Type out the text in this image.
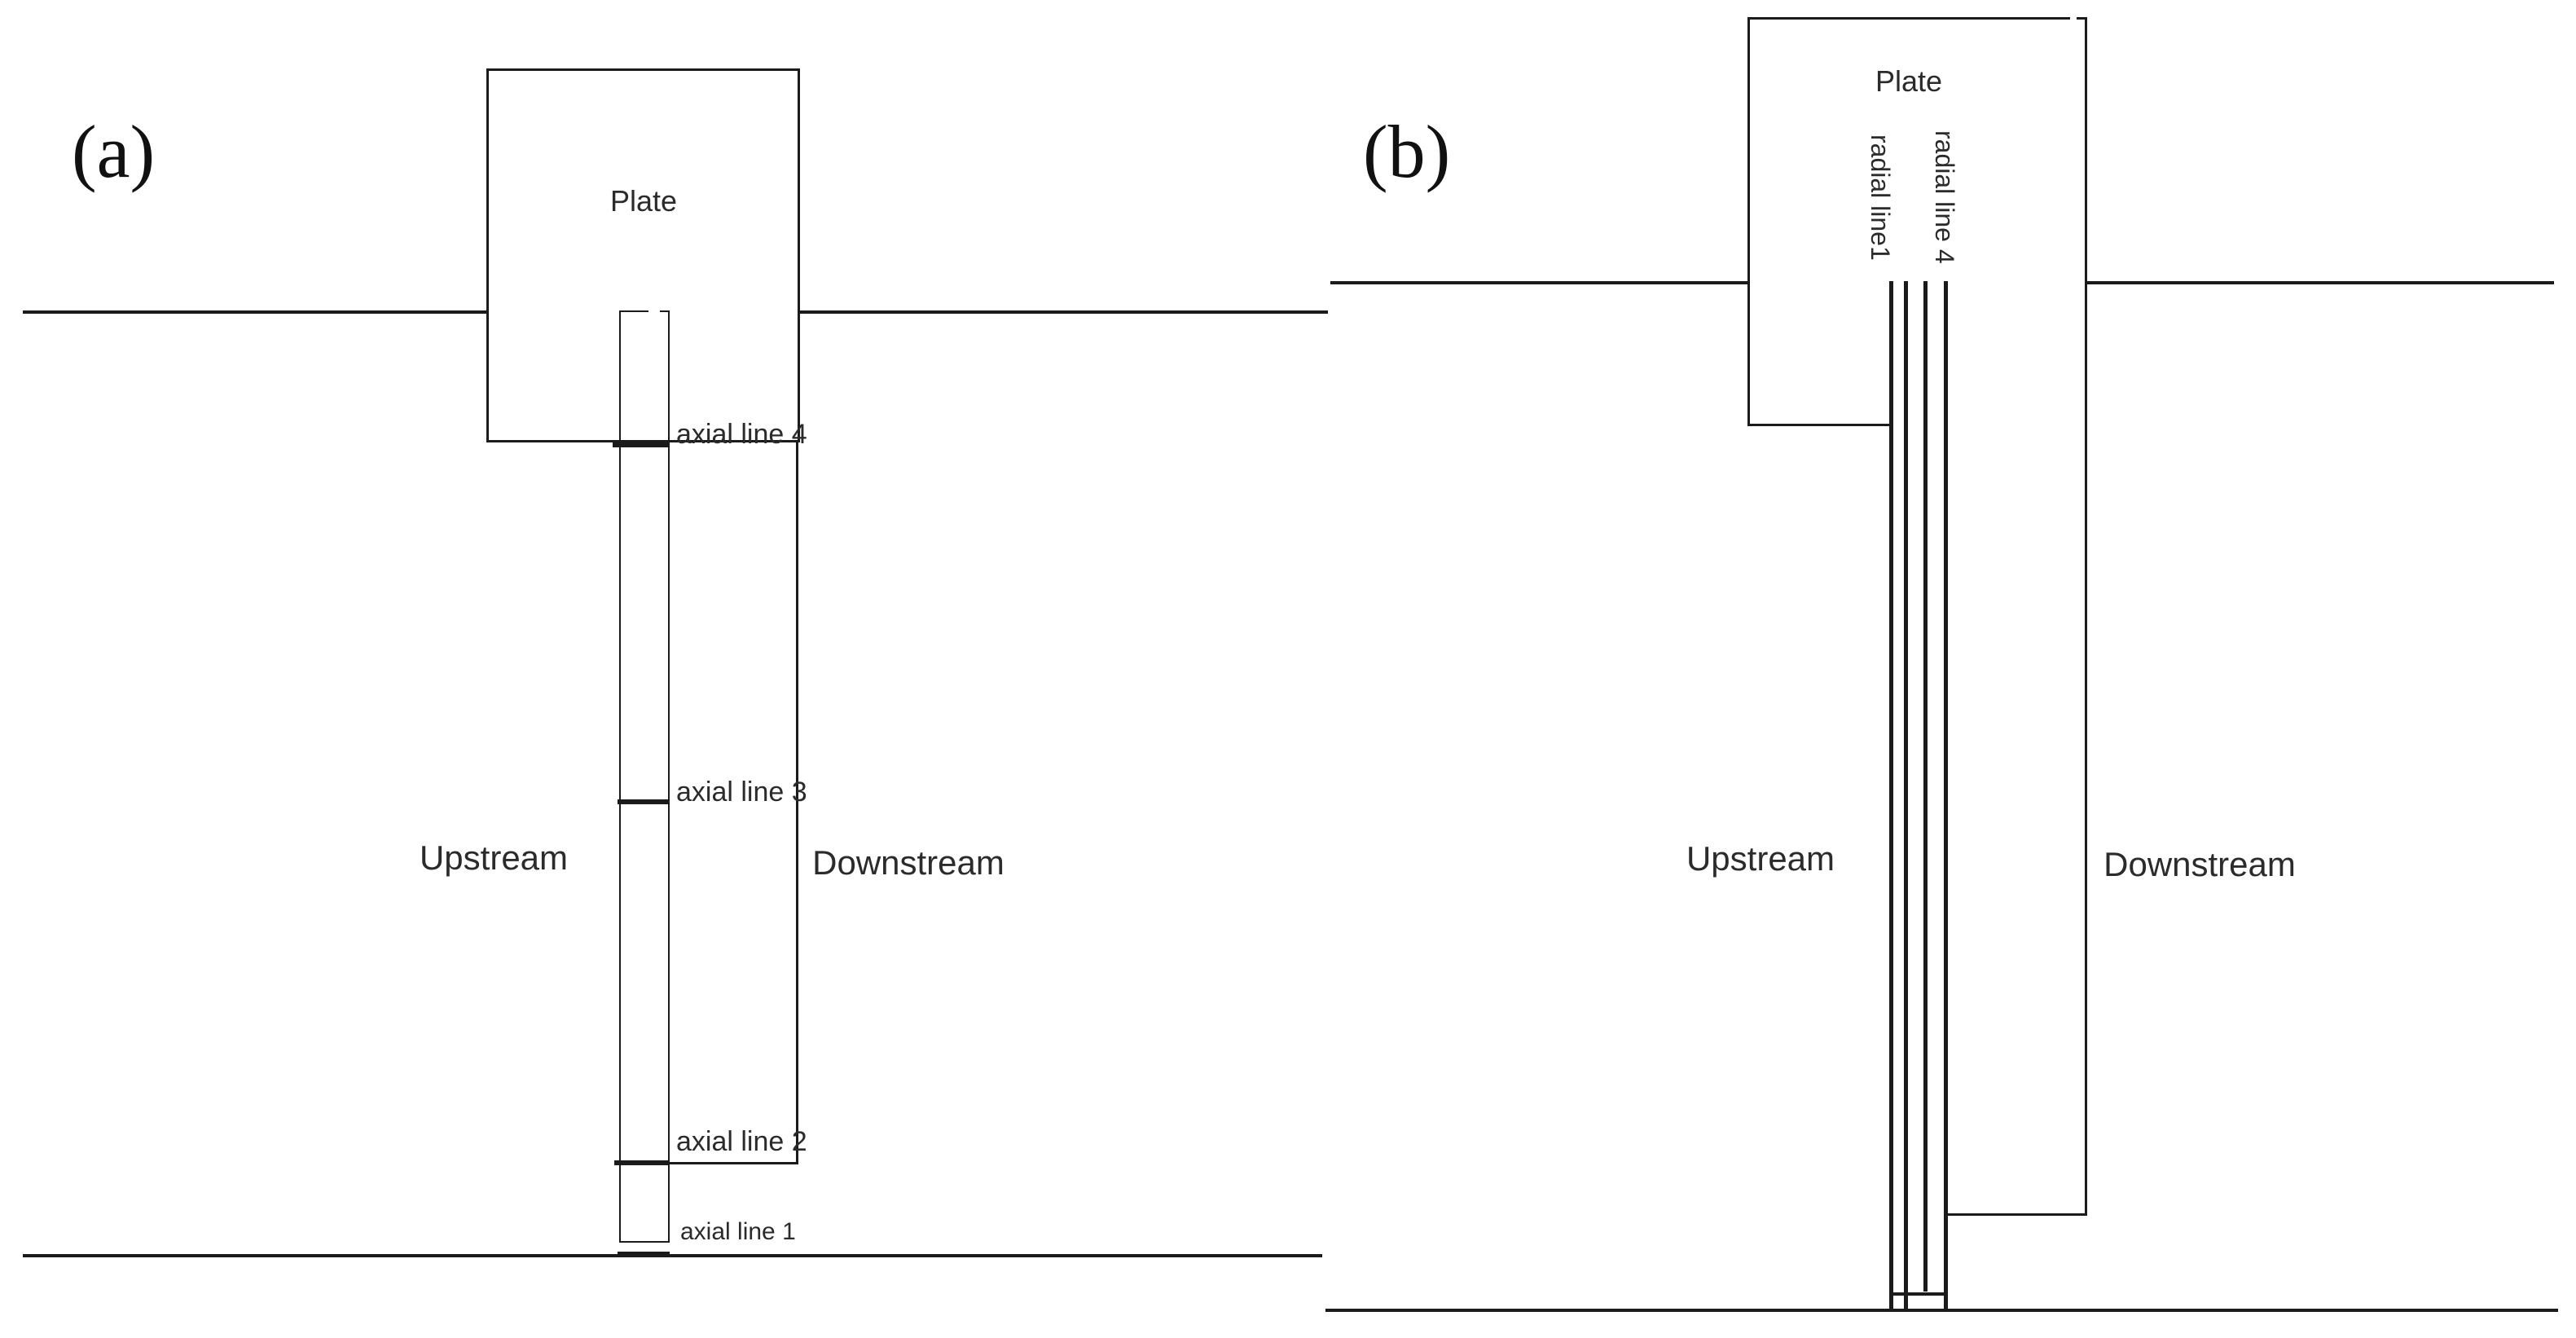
(a)
Plate
axial line 4
axial line 3
axial line 2
axial line 1
Upstream	Downstream
(b)
Plate
radial line1 radial line 4
Upstream	Downstream
